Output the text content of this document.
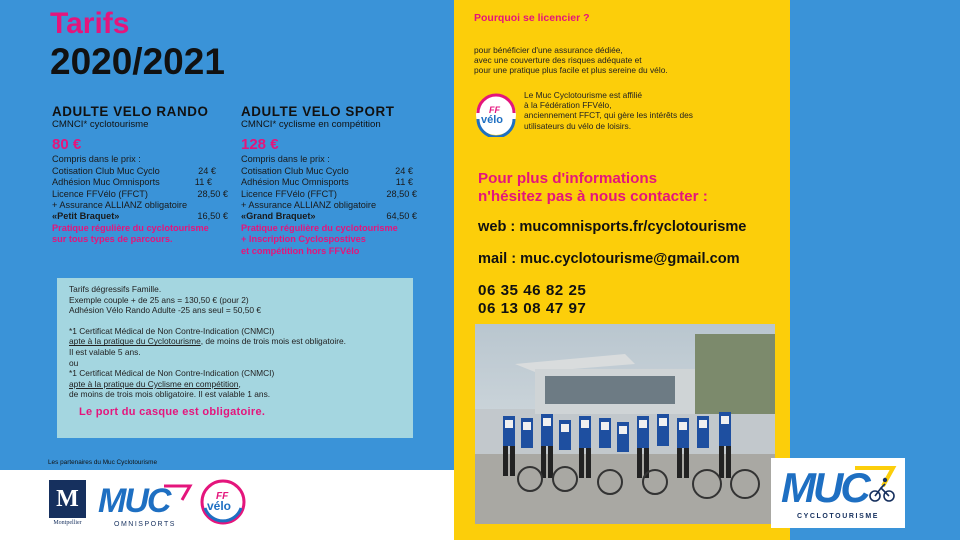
Tarifs
2020/2021
ADULTE VELO RANDO
CMNCI* cyclotourisme
80 €
Compris dans le prix :
Cotisation Club Muc Cyclo	24 €
Adhésion Muc Omnisports	11 €
Licence FFVélo (FFCT)	28,50 €
+ Assurance ALLIANZ obligatoire
«Petit Braquet»	16,50 €
Pratique régulière du cyclotourisme
sur tous types de parcours.
ADULTE VELO SPORT
CMNCI* cyclisme en compétition
128 €
Compris dans le prix :
Cotisation Club Muc Cyclo	24 €
Adhésion Muc Omnisports	11 €
Licence FFVélo (FFCT)	28,50 €
+ Assurance ALLIANZ obligatoire
«Grand Braquet»	64,50 €
Pratique régulière du cyclotourisme
+ Inscription Cyclospostives
et compétition hors FFVélo
Tarifs dégressifs Famille.
Exemple couple + de 25 ans = 130,50 € (pour 2)
Adhésion Vélo Rando Adulte -25 ans seul = 50,50 €
*1 Certificat Médical de Non Contre-Indication (CNMCI)
apte à la pratique du Cyclotourisme, de moins de trois mois est obligatoire.
Il est valable 5 ans.
ou
*1 Certificat Médical de Non Contre-Indication (CNMCI)
apte à la pratique du Cyclisme en compétition,
de moins de trois mois obligatoire. Il est valable 1 ans.
Le port du casque est obligatoire.
Les partenaires du Muc Cyclotourisme
M
Montpellier
MUC
OMNISPORTS
FF
vélo
Pourquoi se licencier ?
pour bénéficier d'une assurance dédiée,
avec une couverture des risques adéquate et
pour une pratique plus facile et plus sereine du vélo.
FF
vélo
Le Muc Cyclotourisme est affilié
à la Fédération FFVélo,
anciennement FFCT, qui gère les intérêts des
utilisateurs du vélo de loisirs.
Pour plus d'informations
n'hésitez pas à nous contacter :
web : mucomnisports.fr/cyclotourisme
mail : muc.cyclotourisme@gmail.com
06 35 46 82 25
06 13 08 47 97
MUC
CYCLOTOURISME
